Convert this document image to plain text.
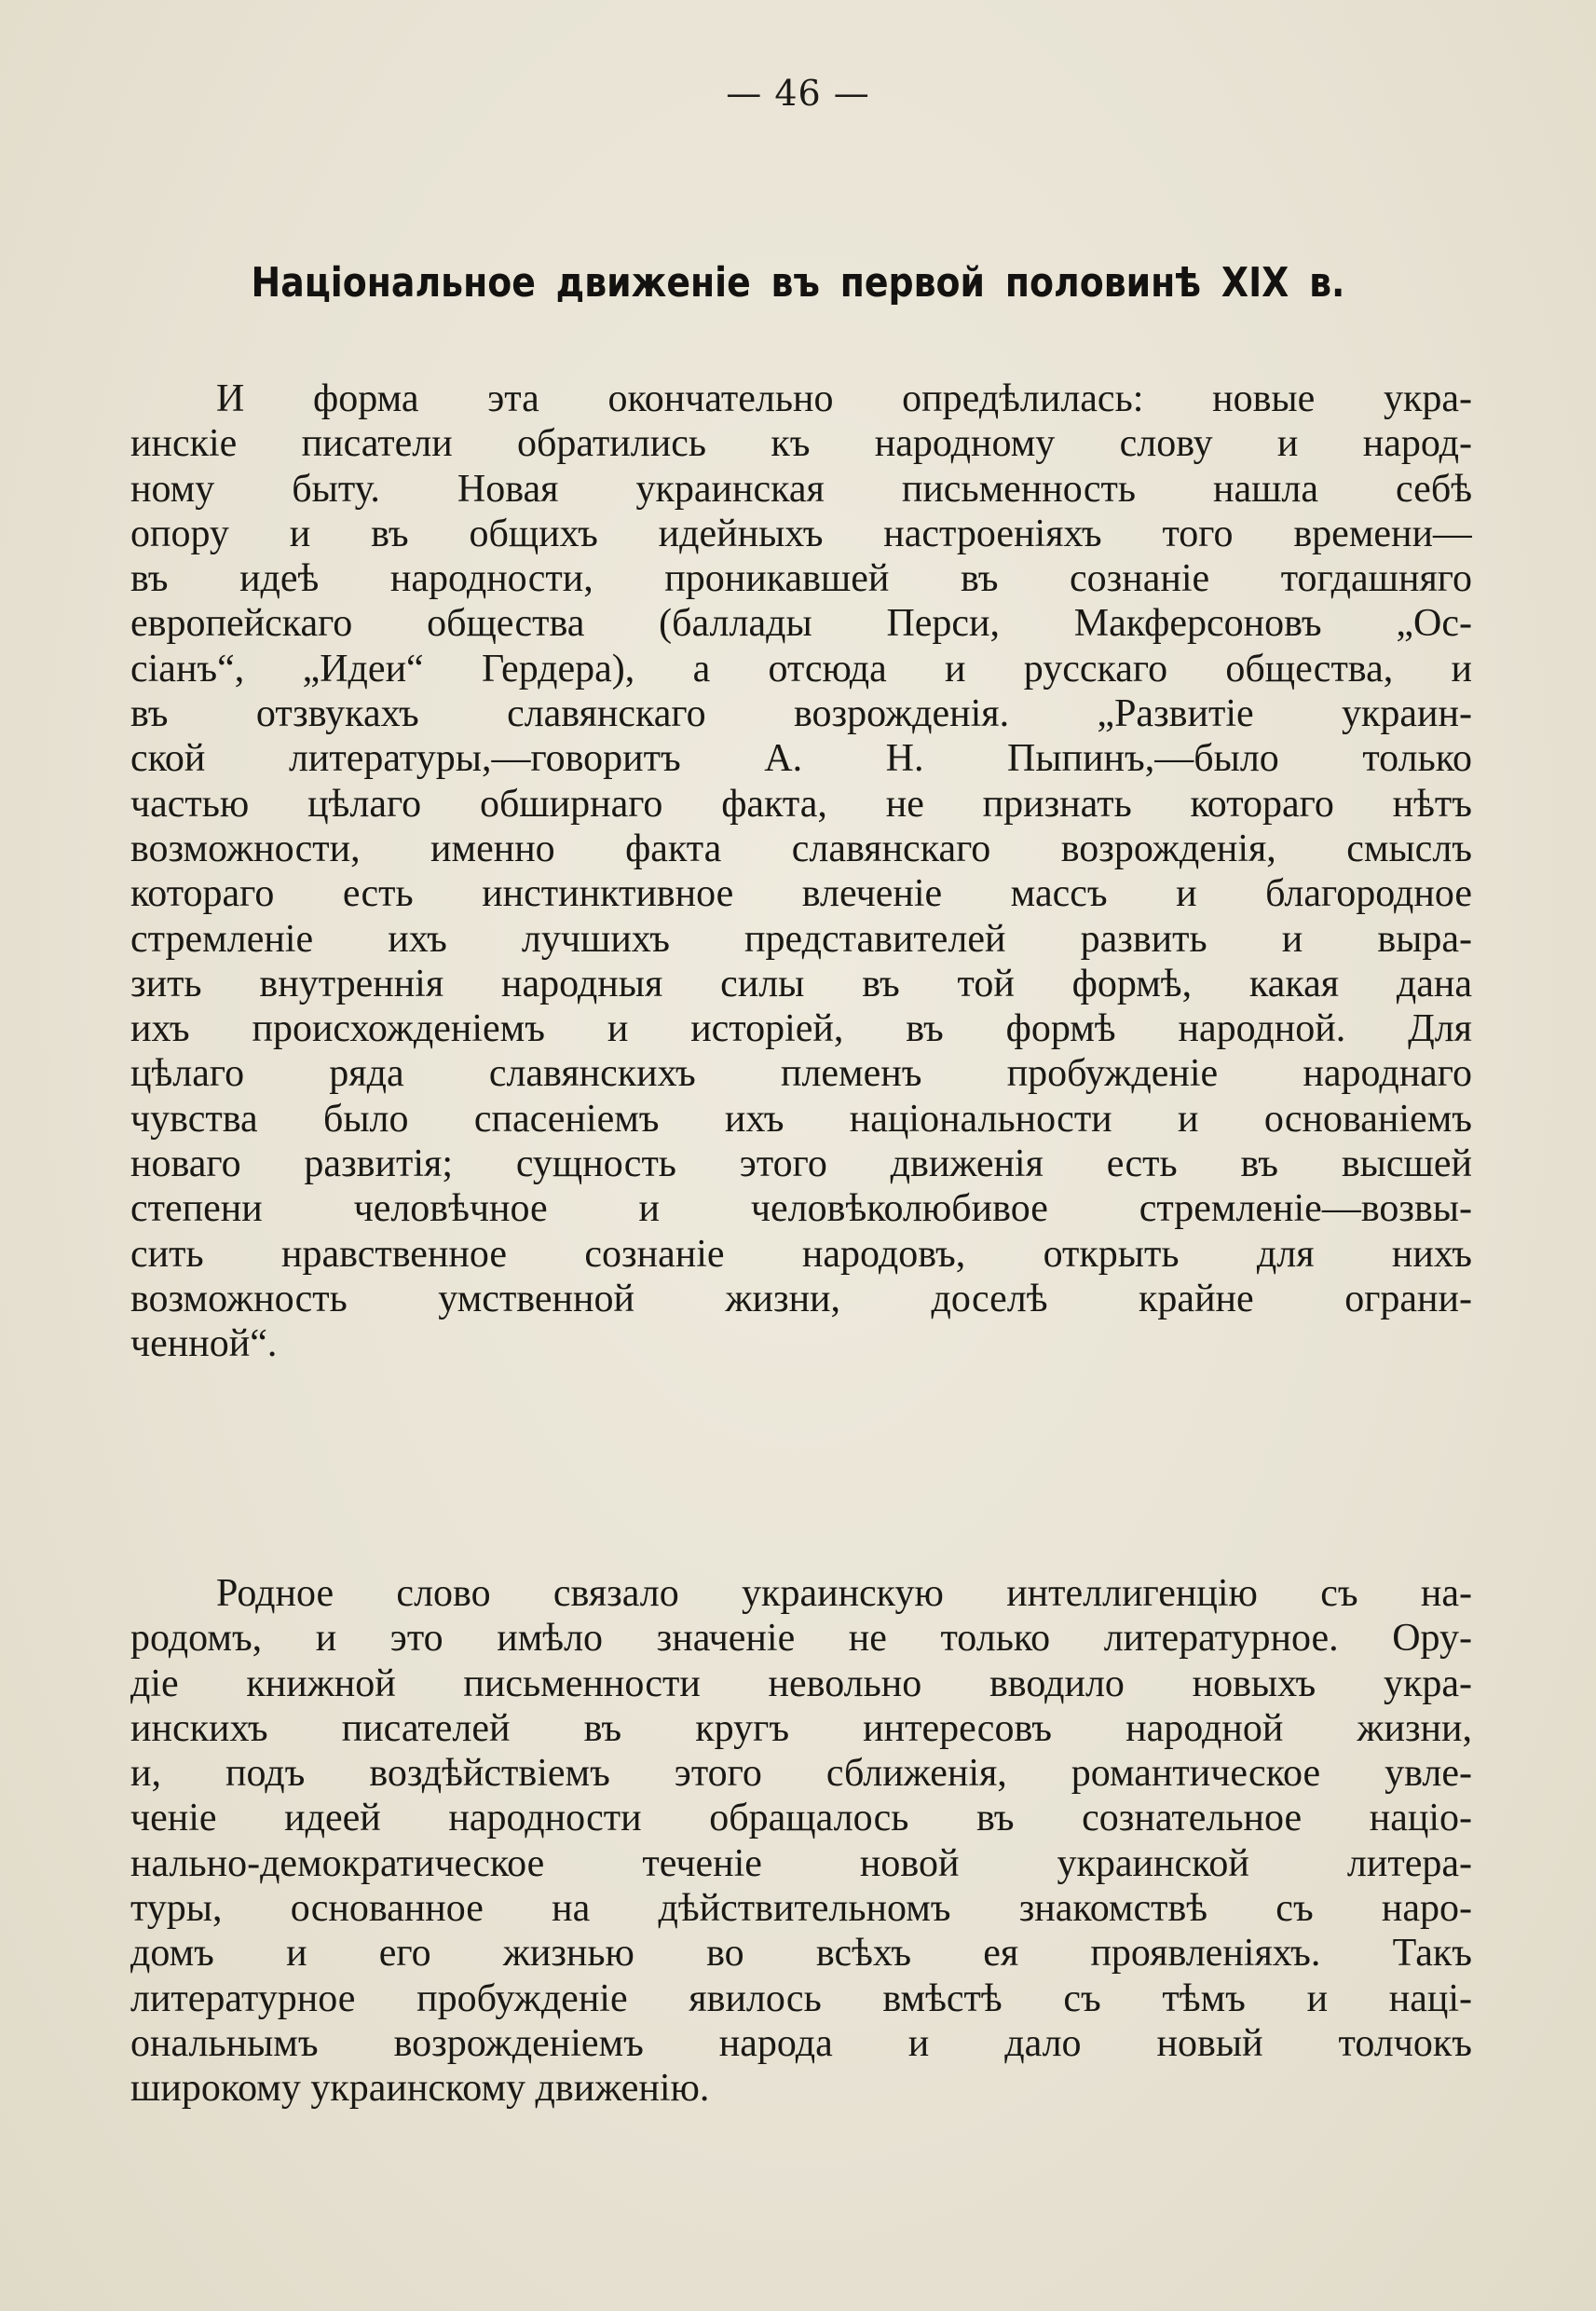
— 46 —
Національное движеніе въ первой половинѣ XIX в.
И форма эта окончательно опредѣлилась: новые укра-
инскіе писатели обратились къ народному слову и народ-
ному быту. Новая украинская письменность нашла себѣ
опору и въ общихъ идейныхъ настроеніяхъ того времени—
въ идеѣ народности, проникавшей въ сознаніе тогдашняго
европейскаго общества (баллады Перси, Макферсоновъ „Ос-
сіанъ“, „Идеи“ Гердера), а отсюда и русскаго общества, и
въ отзвукахъ славянскаго возрожденія. „Развитіе украин-
ской литературы,—говоритъ А. Н. Пыпинъ,—было только
частью цѣлаго обширнаго факта, не признать котораго нѣтъ
возможности, именно факта славянскаго возрожденія, смыслъ
котораго есть инстинктивное влеченіе массъ и благородное
стремленіе ихъ лучшихъ представителей развить и выра-
зить внутреннія народныя силы въ той формѣ, какая дана
ихъ происхожденіемъ и исторіей, въ формѣ народной. Для
цѣлаго ряда славянскихъ племенъ пробужденіе народнаго
чувства было спасеніемъ ихъ національности и основаніемъ
новаго развитія; сущность этого движенія есть въ высшей
степени человѣчное и человѣколюбивое стремленіе—возвы-
сить нравственное сознаніе народовъ, открыть для нихъ
возможность умственной жизни, доселѣ крайне ограни-
ченной“.
Родное слово связало украинскую интеллигенцію съ на-
родомъ, и это имѣло значеніе не только литературное. Ору-
діе книжной письменности невольно вводило новыхъ укра-
инскихъ писателей въ кругъ интересовъ народной жизни,
и, подъ воздѣйствіемъ этого сближенія, романтическое увле-
ченіе идеей народности обращалось въ сознательное націо-
нально-демократическое теченіе новой украинской литера-
туры, основанное на дѣйствительномъ знакомствѣ съ наро-
домъ и его жизнью во всѣхъ ея проявленіяхъ. Такъ
литературное пробужденіе явилось вмѣстѣ съ тѣмъ и наці-
ональнымъ возрожденіемъ народа и дало новый толчокъ
широкому украинскому движенію.
